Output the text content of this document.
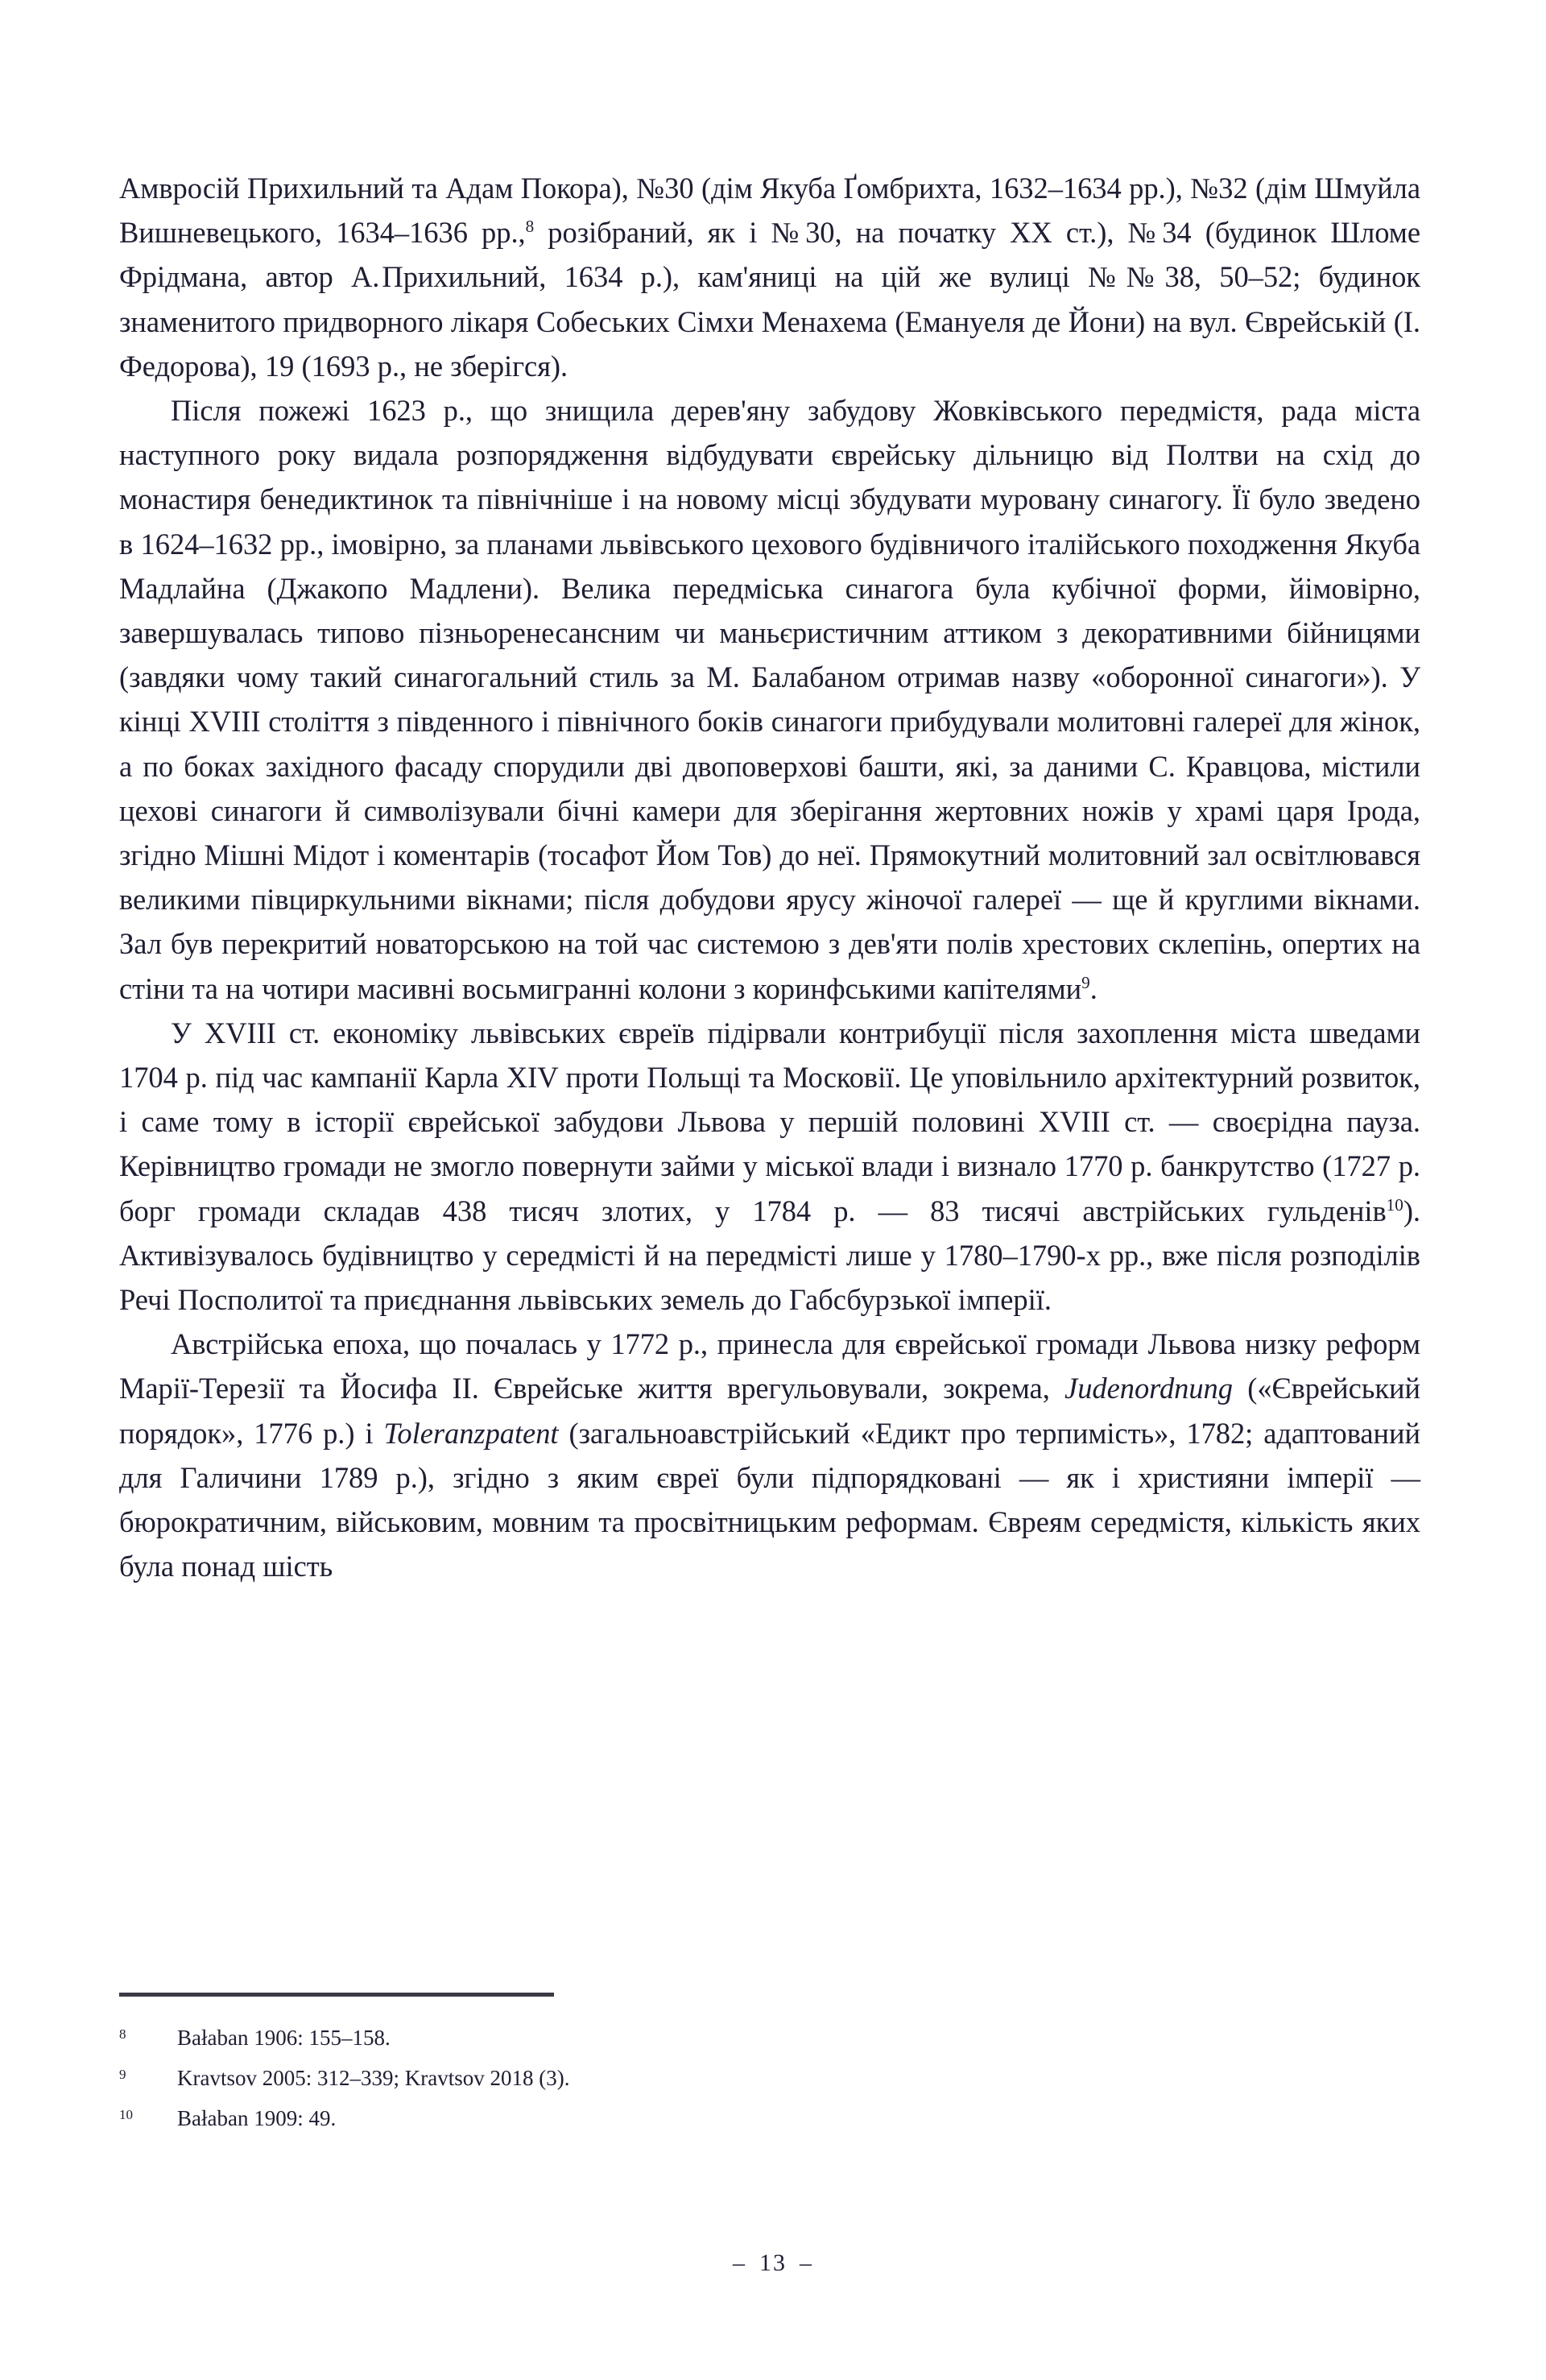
Амвросій Прихильний та Адам Покора), №30 (дім Якуба Ґомбрихта, 1632–1634 рр.), №32 (дім Шмуйла Вишневецького, 1634–1636 рр.,$^8$ розібраний, як і №30, на початку XX ст.), №34 (будинок Шломе Фрідмана, автор А. Прихильний, 1634 р.), кам'яниці на цій же вулиці №№38, 50–52; будинок знаменитого придворного лікаря Собеських Сімхи Менахема (Емануеля де Йони) на вул. Єврейській (І. Федорова), 19 (1693 р., не зберігся).

Після пожежі 1623 р., що знищила дерев'яну забудову Жовківського передмістя, рада міста наступного року видала розпорядження відбудувати єврейську дільницю від Полтви на схід до монастиря бенедиктинок та північніше і на новому місці збудувати муровану синагогу. Її було зведено в 1624–1632 рр., імовірно, за планами львівського цехового будівничого італійського походження Якуба Мадлайна (Джакопо Мадлени). Велика передміська синагога була кубічної форми, йімовірно, завершувалась типово пізньоренесансним чи маньєристичним аттиком з декоративними бійницями (завдяки чому такий синагогальний стиль за М. Балабаном отримав назву «оборонної синагоги»). У кінці XVIII століття з південного і північного боків синагоги прибудували молитовні галереї для жінок, а по боках західного фасаду спорудили дві двоповерхові башти, які, за даними С. Кравцова, містили цехові синагоги й символізували бічні камери для зберігання жертовних ножів у храмі царя Ірода, згідно Мішні Мідот і коментарів (тосафот Йом Тов) до неї. Прямокутний молитовний зал освітлювався великими півциркульними вікнами; після добудови ярусу жіночої галереї — ще й круглими вікнами. Зал був перекритий новаторською на той час системою з дев'яти полів хрестових склепінь, опертих на стіни та на чотири масивні восьмигранні колони з коринфськими капітелями$^9$.

У XVIII ст. економіку львівських євреїв підірвали контрибуції після захоплення міста шведами 1704 р. під час кампанії Карла XIV проти Польщі та Московії. Це уповільнило архітектурний розвиток, і саме тому в історії єврейської забудови Львова у першій половині XVIII ст. — своєрідна пауза. Керівництво громади не змогло повернути займи у міської влади і визнало 1770 р. банкрутство (1727 р. борг громади складав 438 тисяч злотих, у 1784 р. — 83 тисячі австрійських гульденів$^{10}$). Активізувалось будівництво у середмісті й на передмісті лише у 1780–1790-х рр., вже після розподілів Речі Посполитої та приєднання львівських земель до Габсбурзької імперії.

Австрійська епоха, що почалась у 1772 р., принесла для єврейської громади Львова низку реформ Марії-Терезії та Йосифа II. Єврейське життя врегульовували, зокрема, Judenordnung («Єврейський порядок», 1776 р.) і Toleranzpatent (загальноавстрійський «Едикт про терпимість», 1782; адаптований для Галичини 1789 р.), згідно з яким євреї були підпорядковані — як і християни імперії — бюрократичним, військовим, мовним та просвітницьким реформам. Євреям середмістя, кількість яких була понад шість

8	Bałaban 1906: 155–158.
9	Kravtsov 2005: 312–339; Kravtsov 2018 (3).
10	Bałaban 1909: 49.
– 13 –
